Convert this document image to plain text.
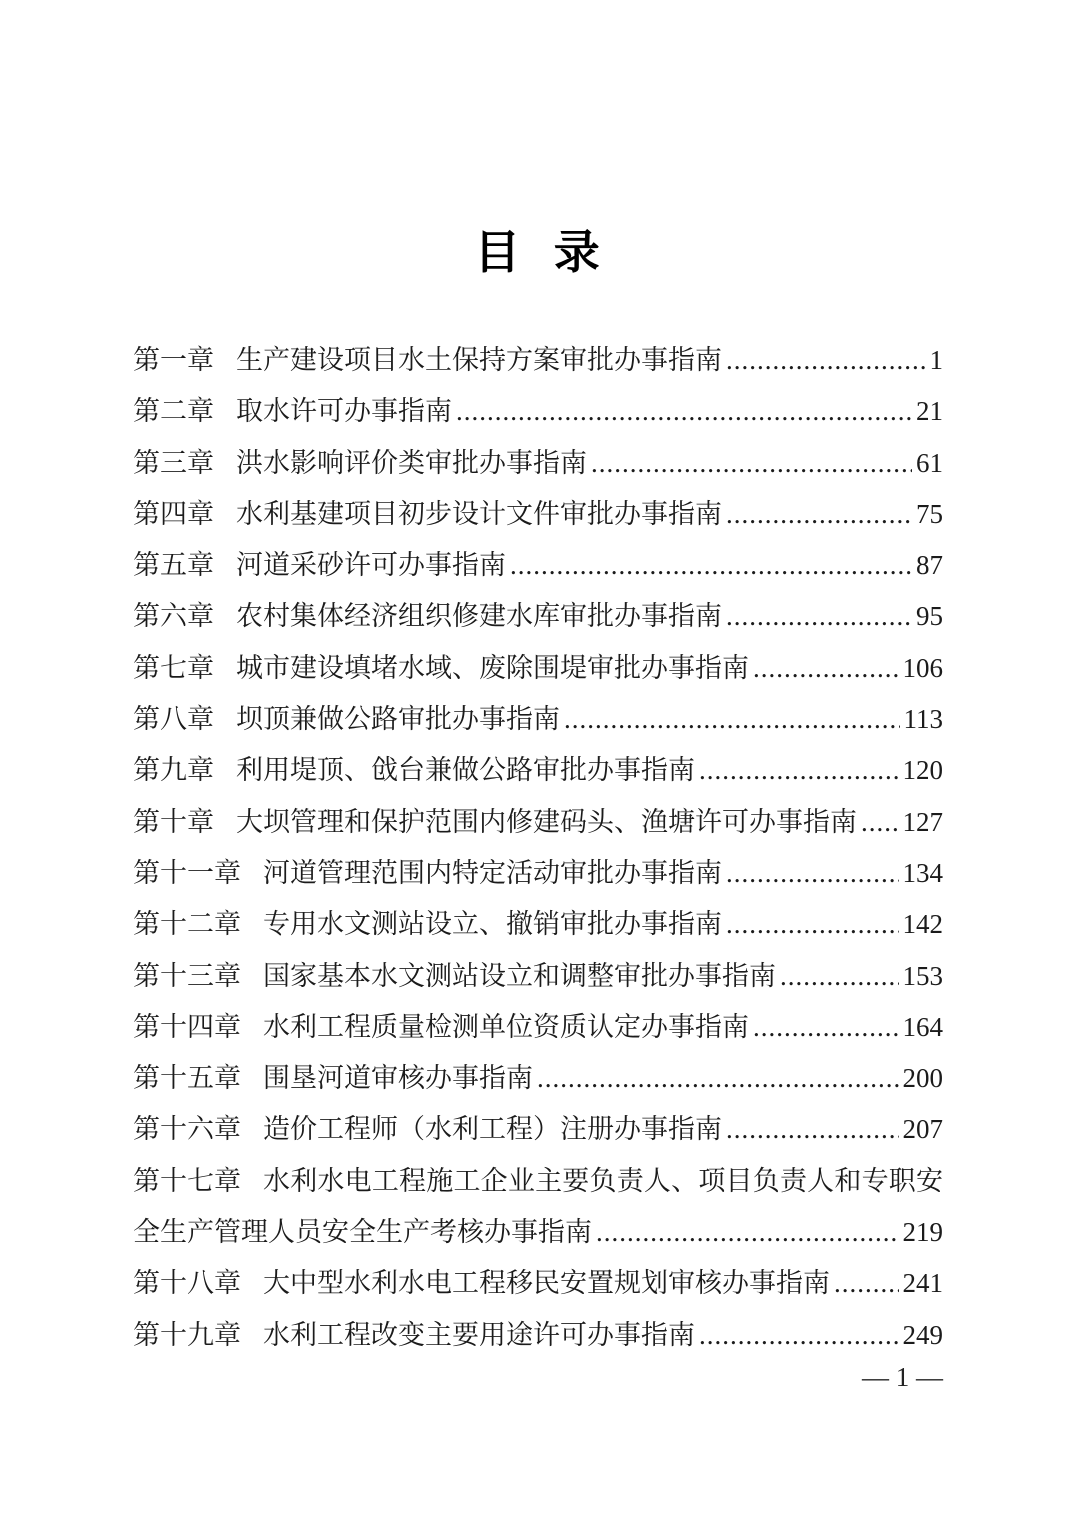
目 录
第一章 生产建设项目水土保持方案审批办事指南 .....	1
第二章 取水许可办事指南 .....	21
第三章 洪水影响评价类审批办事指南 .....	61
第四章 水利基建项目初步设计文件审批办事指南 .....	75
第五章 河道采砂许可办事指南 .....	87
第六章 农村集体经济组织修建水库审批办事指南 .....	95
第七章 城市建设填堵水域、废除围堤审批办事指南 .....	106
第八章 坝顶兼做公路审批办事指南 .....	113
第九章 利用堤顶、戗台兼做公路审批办事指南 .....	120
第十章 大坝管理和保护范围内修建码头、渔塘许可办事指南 ..... 127
第十一章 河道管理范围内特定活动审批办事指南 .....	134
第十二章 专用水文测站设立、撤销审批办事指南 .....	142
第十三章 国家基本水文测站设立和调整审批办事指南 .....	153
第十四章 水利工程质量检测单位资质认定办事指南 .....	164
第十五章 围垦河道审核办事指南 .....	200
第十六章 造价工程师（水利工程）注册办事指南 .....	207
第十七章 水利水电工程施工企业主要负责人、项目负责人和专职安
全生产管理人员安全生产考核办事指南 .....	219
第十八章 大中型水利水电工程移民安置规划审核办事指南 .....	241
第十九章 水利工程改变主要用途许可办事指南 .....	249
— 1 —
